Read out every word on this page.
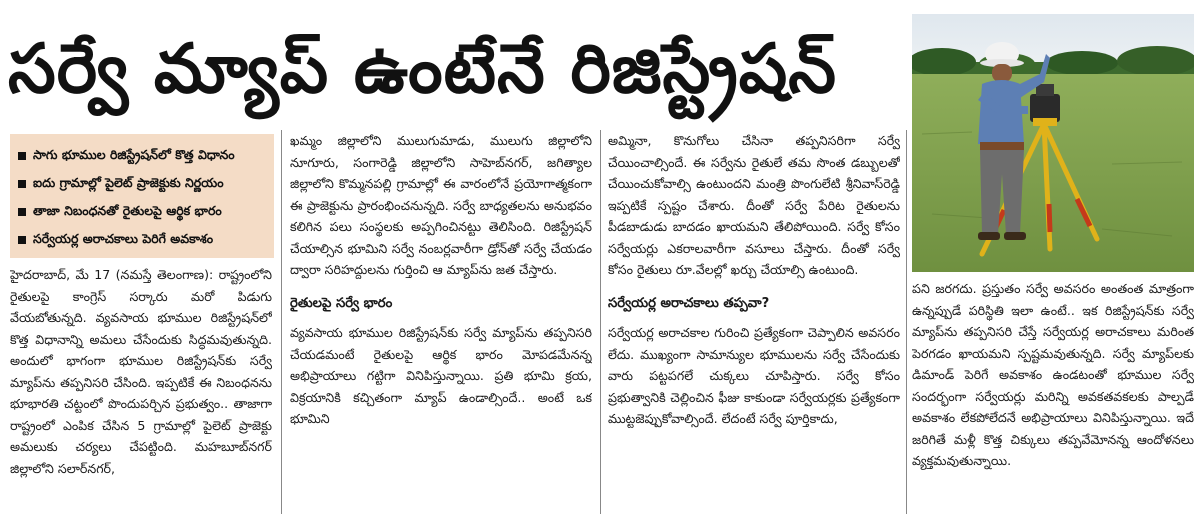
సర్వే మ్యాప్ ఉంటేనే రిజిస్ట్రేషన్
సాగు భూముల రిజిస్ట్రేషన్‌లో కొత్త విధానం
ఐదు గ్రామాల్లో పైలెట్ ప్రాజెక్టుకు నిర్ణయం
తాజా నిబంధనతో రైతులపై ఆర్థిక భారం
సర్వేయర్ల అరాచకాలు పెరిగే అవకాశం

హైదరాబాద్, మే 17 (నమస్తే తెలంగాణ): రాష్ట్రంలోని రైతులపై కాంగ్రెస్ సర్కారు మరో పిడుగు వేయబోతున్నది. వ్యవసాయ భూముల రిజిస్ట్రేషన్‌లో కొత్త విధానాన్ని అమలు చేసేందుకు సిద్ధమవుతున్నది. అందులో భాగంగా భూముల రిజిస్ట్రేషన్‌కు సర్వే మ్యాప్‌ను తప్పనిసరి చేసింది. ఇప్పటికే ఈ నిబంధనను భూభారతి చట్టంలో పొందుపర్చిన ప్రభుత్వం.. తాజాగా రాష్ట్రంలో ఎంపిక చేసిన 5 గ్రామాల్లో పైలెట్ ప్రాజెక్టు అమలుకు చర్యలు చేపట్టింది. మహబూబ్‌నగర్ జిల్లాలోని సలార్‌నగర్,

ఖమ్మం జిల్లాలోని ములుగుమాడు, ములుగు జిల్లాలోని నూగూరు, సంగారెడ్డి జిల్లాలోని సాహెబ్‌నగర్, జగిత్యాల జిల్లాలోని కొమ్మనపల్లి గ్రామాల్లో ఈ వారంలోనే ప్రయోగాత్మకంగా ఈ ప్రాజెక్టును ప్రారంభించనున్నది. సర్వే బాధ్యతలను అనుభవం కలిగిన పలు సంస్థలకు అప్పగించినట్టు తెలిసింది. రిజిస్ట్రేషన్ చేయాల్సిన భూమిని సర్వే నంబర్లవారీగా డ్రోన్‌తో సర్వే చేయడం ద్వారా సరిహద్దులను గుర్తించి ఆ మ్యాప్‌ను జత చేస్తారు.

రైతులపై సర్వే భారం

వ్యవసాయ భూముల రిజిస్ట్రేషన్‌కు సర్వే మ్యాప్‌ను తప్పనిసరి చేయడమంటే రైతులపై ఆర్థిక భారం మోపడమేనన్న అభిప్రాయాలు గట్టిగా వినిపిస్తున్నాయి. ప్రతి భూమి క్రయ, విక్రయానికి కచ్చితంగా మ్యాప్ ఉండాల్సిందే.. అంటే ఒక భూమిని

అమ్మినా, కొనుగోలు చేసినా తప్పనిసరిగా సర్వే చేయించాల్సిందే. ఈ సర్వేను రైతులే తమ సొంత డబ్బులతో చేయించుకోవాల్సి ఉంటుందని మంత్రి పొంగులేటి శ్రీనివాస్‌రెడ్డి ఇప్పటికే స్పష్టం చేశారు. దీంతో సర్వే పేరిట రైతులను పీడబాడుడు బాదడం ఖాయమని తేలిపోయింది. సర్వే కోసం సర్వేయర్లు ఎకరాలవారీగా వసూలు చేస్తారు. దీంతో సర్వే కోసం రైతులు రూ.వేలల్లో ఖర్చు చేయాల్సి ఉంటుంది.

సర్వేయర్ల అరాచకాలు తప్పవా?

సర్వేయర్ల అరాచకాల గురించి ప్రత్యేకంగా చెప్పాలిన అవసరం లేదు. ముఖ్యంగా సామాన్యుల భూములను సర్వే చేసేందుకు వారు పట్టపగలే చుక్కలు చూపిస్తారు. సర్వే కోసం ప్రభుత్వానికి చెల్లించిన ఫీజు కాకుండా సర్వేయర్లకు ప్రత్యేకంగా ముట్టజెప్పుకోవాల్సిందే. లేదంటే సర్వే పూర్తికాదు,

పని జరగదు. ప్రస్తుతం సర్వే అవసరం అంతంత మాత్రంగా ఉన్నప్పుడే పరిస్థితి ఇలా ఉంటే.. ఇక రిజిస్ట్రేషన్‌కు సర్వే మ్యాప్‌ను తప్పనిసరి చేస్తే సర్వేయర్ల అరాచకాలు మరింత పెరగడం ఖాయమని స్పష్టమవుతున్నది. సర్వే మ్యాప్‌లకు డిమాండ్ పెరిగే అవకాశం ఉండటంతో భూముల సర్వే సందర్భంగా సర్వేయర్లు మరిన్ని అవకతవకలకు పాల్పడే అవకాశం లేకపోలేదనే అభిప్రాయాలు వినిపిస్తున్నాయి. ఇదే జరిగితే మళ్లీ కొత్త చిక్కులు తప్పవేమోనన్న ఆందోళనలు వ్యక్తమవుతున్నాయి.
